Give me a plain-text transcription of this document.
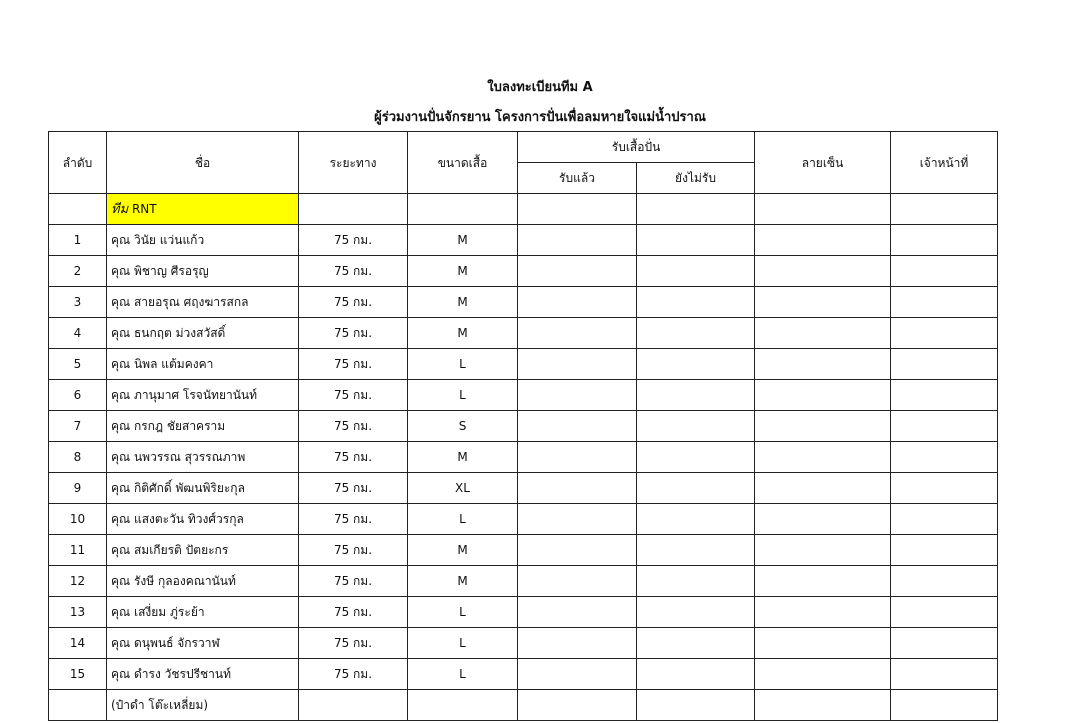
ใบลงทะเบียนทีม A
ผู้ร่วมงานปั่นจักรยาน โครงการปั่นเพื่อลมหายใจแม่น้ำปราณ
ลำดับ	ชื่อ	ระยะทาง	ขนาดเสื้อ	รับเสื้อปั่น		ลายเซ็น	เจ้าหน้าที่
				รับแล้ว	ยังไม่รับ		
	ทีม RNT						
1	คุณ วินัย แว่นแก้ว	75 กม.	M				
2	คุณ พิชาญ ศีรอรุญ	75 กม.	M				
3	คุณ สายอรุณ ศฤงฆารสกล	75 กม.	M				
4	คุณ ธนกฤต ม่วงสวัสดิ์	75 กม.	M				
5	คุณ นิพล แต้มคงคา	75 กม.	L				
6	คุณ ภานุมาศ โรจนัทยานันท์	75 กม.	L				
7	คุณ กรกฎ ชัยสาคราม	75 กม.	S				
8	คุณ นพวรรณ สุวรรณภาพ	75 กม.	M				
9	คุณ กิติศักดิ์ พัฒนพิริยะกุล	75 กม.	XL				
10	คุณ แสงตะวัน ทิวงศ์วรกุล	75 กม.	L				
11	คุณ สมเกียรติ ปัตยะกร	75 กม.	M				
12	คุณ รังษี กุลองคณานันท์	75 กม.	M				
13	คุณ เสงี่ยม ภู่ระย้า	75 กม.	L				
14	คุณ ดนุพนธ์ จักรวาฬ	75 กม.	L				
15	คุณ ดำรง วัชรปรีชานท์	75 กม.	L				
	(ป๋าดำ โต๊ะเหลี่ยม)						
